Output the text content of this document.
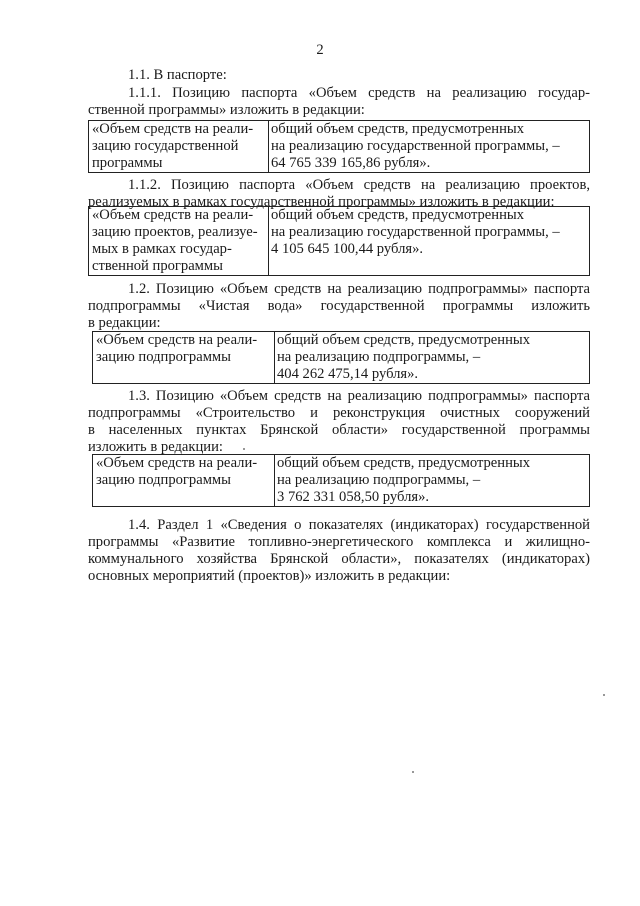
2
1.1. В паспорте:
1.1.1. Позицию паспорта «Объем средств на реализацию государ-
ственной программы» изложить в редакции:
«Объем средств на реали-
зацию государственной
программы

общий объем средств, предусмотренных
на реализацию государственной программы, –
64 765 339 165,86 рубля».
1.1.2. Позицию паспорта «Объем средств на реализацию проектов,
реализуемых в рамках государственной программы» изложить в редакции:
«Объем средств на реали-
зацию проектов, реализуе-
мых в рамках государ-
ственной программы

общий объем средств, предусмотренных
на реализацию государственной программы, –
4 105 645 100,44 рубля».
1.2. Позицию «Объем средств на реализацию подпрограммы» паспорта
подпрограммы «Чистая вода» государственной программы изложить
в редакции:
«Объем средств на реали-
зацию подпрограммы

общий объем средств, предусмотренных
на реализацию подпрограммы, –
404 262 475,14 рубля».
1.3. Позицию «Объем средств на реализацию подпрограммы» паспорта
подпрограммы «Строительство и реконструкция очистных сооружений
в населенных пунктах Брянской области» государственной программы
изложить в редакции:
«Объем средств на реали-
зацию подпрограммы

общий объем средств, предусмотренных
на реализацию подпрограммы, –
3 762 331 058,50 рубля».
1.4. Раздел 1 «Сведения о показателях (индикаторах) государственной
программы «Развитие топливно-энергетического комплекса и жилищно-
коммунального хозяйства Брянской области», показателях (индикаторах)
основных мероприятий (проектов)» изложить в редакции:
